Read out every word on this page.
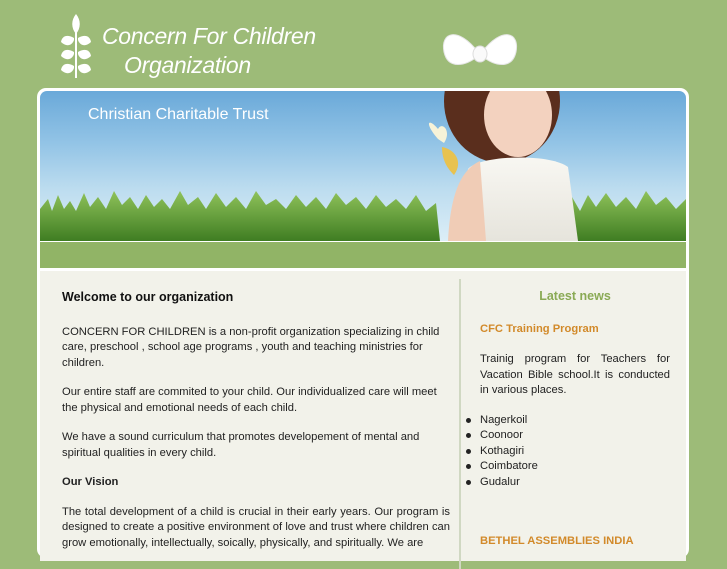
Concern For Children
Organization
Christian Charitable Trust
Welcome to our organization

CONCERN FOR CHILDREN is a non-profit organization specializing in child care, preschool , school age programs , youth and teaching ministries for children.

Our entire staff are commited to your child. Our individualized care will meet the physical and emotional needs of each child.

We have a sound curriculum that promotes developement of mental and spiritual qualities in every child.

Our Vision

The total development of a child is crucial in their early years. Our program is designed to create a positive environment of love and trust where children can grow emotionally, intellectually, soically, physically, and spiritually. We are

Latest news
CFC Training Program

Trainig program for Teachers for Vacation Bible school.It is conducted in various places.

Nagerkoil
Coonoor
Kothagiri
Coimbatore
Gudalur
BETHEL ASSEMBLIES INDIA
